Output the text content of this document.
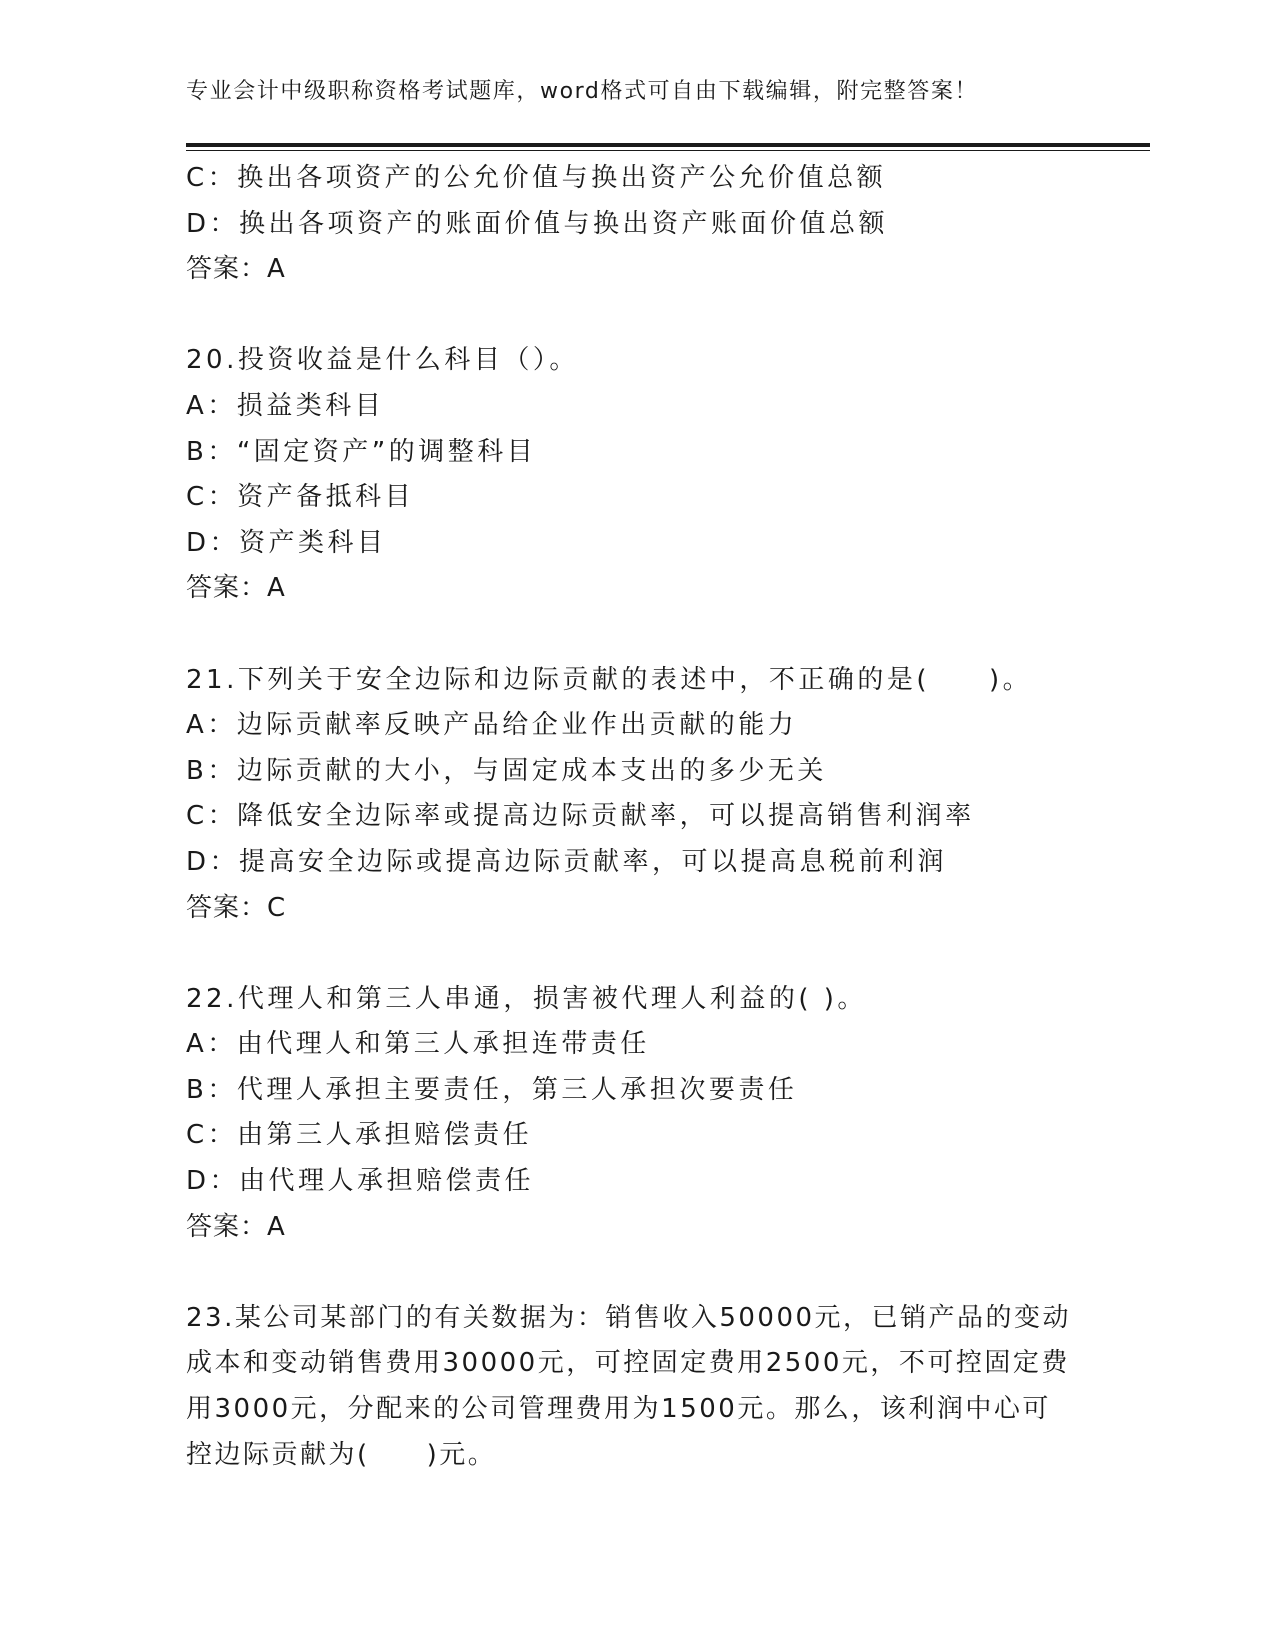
专业会计中级职称资格考试题库，word格式可自由下载编辑，附完整答案！
C：换出各项资产的公允价值与换出资产公允价值总额
D：换出各项资产的账面价值与换出资产账面价值总额
答案：A
20.投资收益是什么科目（）。
A：损益类科目
B：“固定资产”的调整科目
C：资产备抵科目
D：资产类科目
答案：A
21.下列关于安全边际和边际贡献的表述中，不正确的是(　　)。
A：边际贡献率反映产品给企业作出贡献的能力
B：边际贡献的大小，与固定成本支出的多少无关
C：降低安全边际率或提高边际贡献率，可以提高销售利润率
D：提高安全边际或提高边际贡献率，可以提高息税前利润
答案：C
22.代理人和第三人串通，损害被代理人利益的( )。
A：由代理人和第三人承担连带责任
B：代理人承担主要责任，第三人承担次要责任
C：由第三人承担赔偿责任
D：由代理人承担赔偿责任
答案：A
23.某公司某部门的有关数据为：销售收入50000元，已销产品的变动
成本和变动销售费用30000元，可控固定费用2500元，不可控固定费
用3000元，分配来的公司管理费用为1500元。那么，该利润中心可
控边际贡献为(　　)元。
